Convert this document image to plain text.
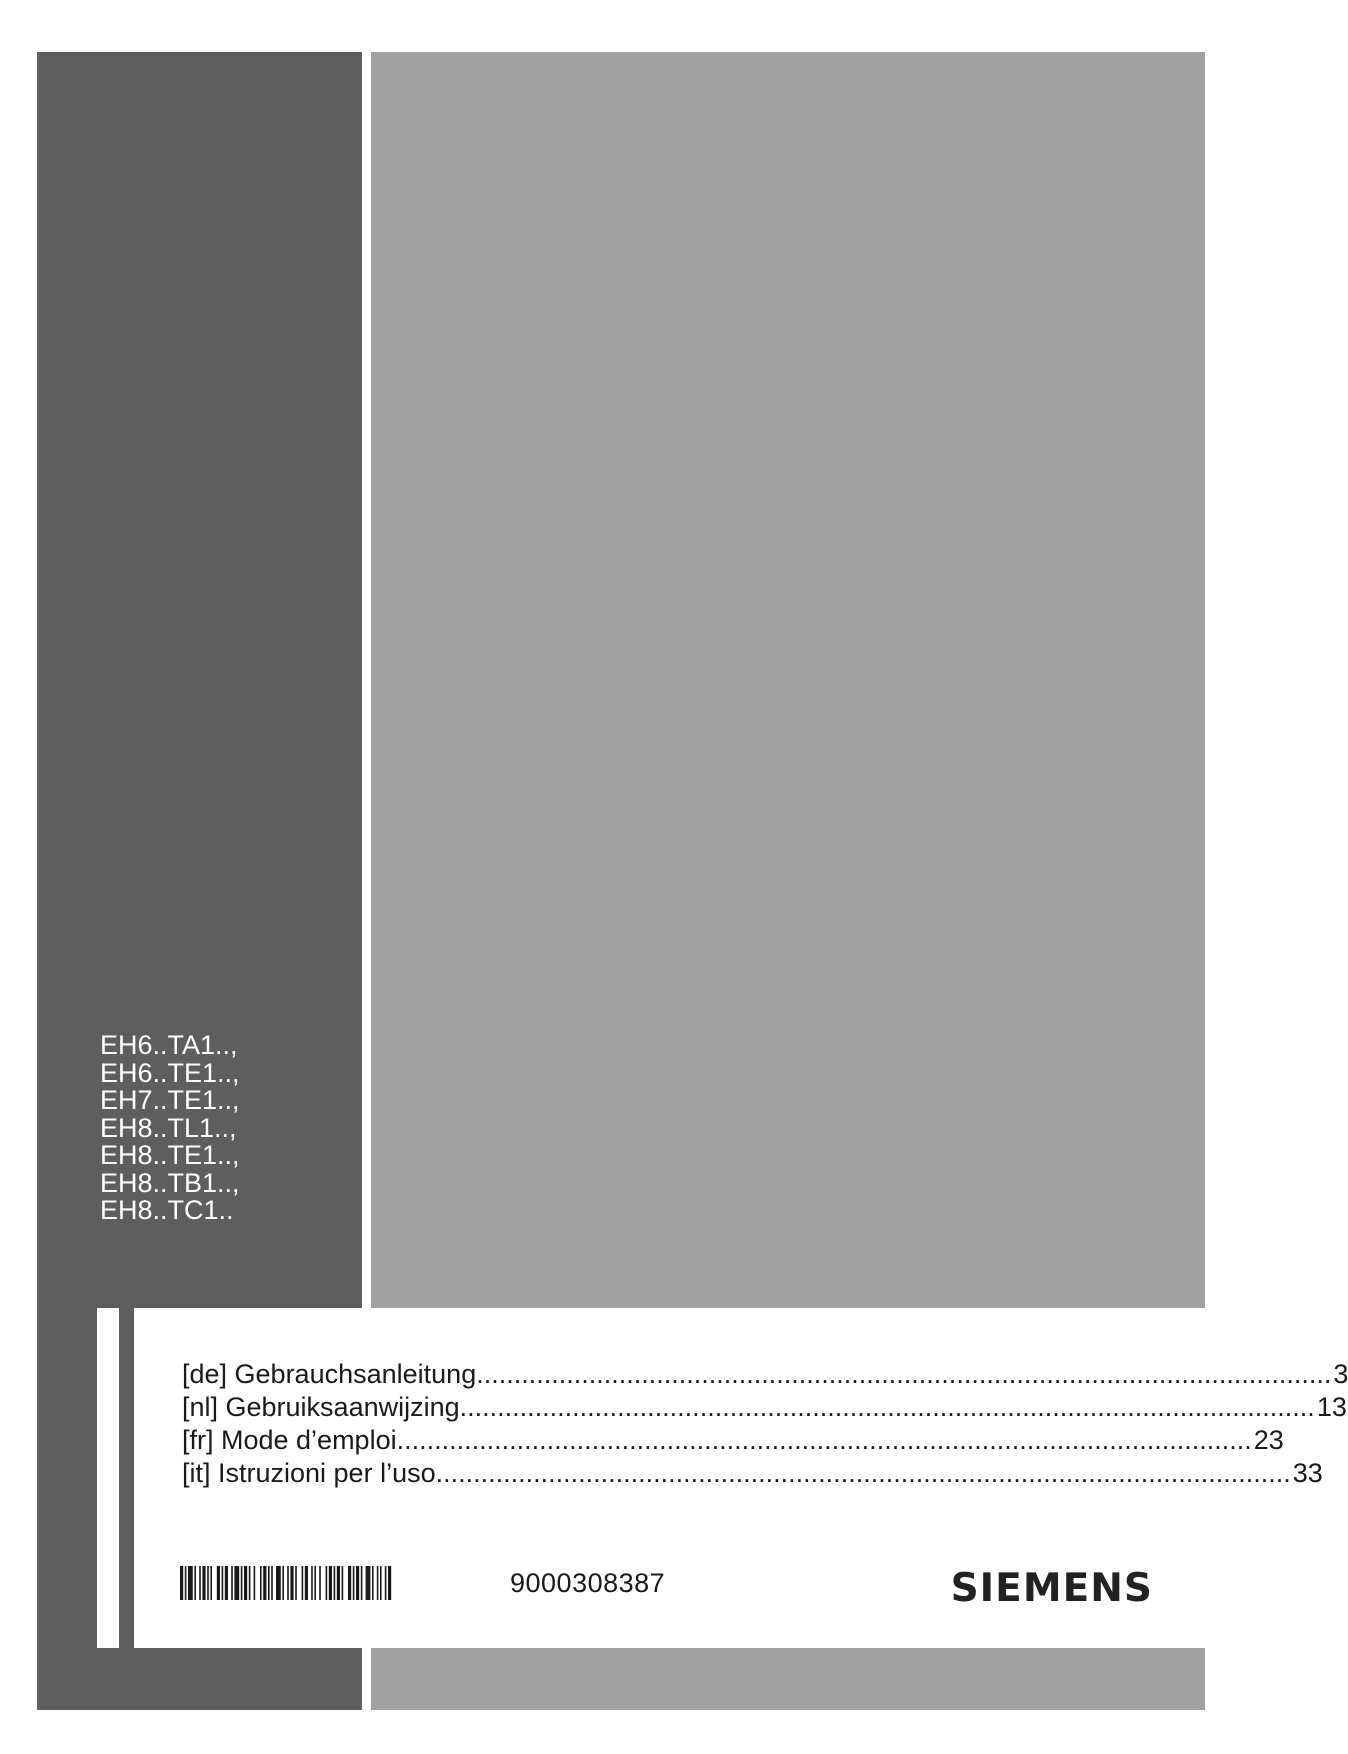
EH6..TA1..,
EH6..TE1..,
EH7..TE1..,
EH8..TL1..,
EH8..TE1..,
EH8..TB1..,
EH8..TC1..
[de] Gebrauchsanleitung .................................................................................................................. 3
[nl] Gebruiksaanwijzing .................................................................................................................. 13
[fr] Mode d’emploi .................................................................................................................. 23
[it] Istruzioni per l’uso .................................................................................................................. 33
9000308387	SIEMENS
